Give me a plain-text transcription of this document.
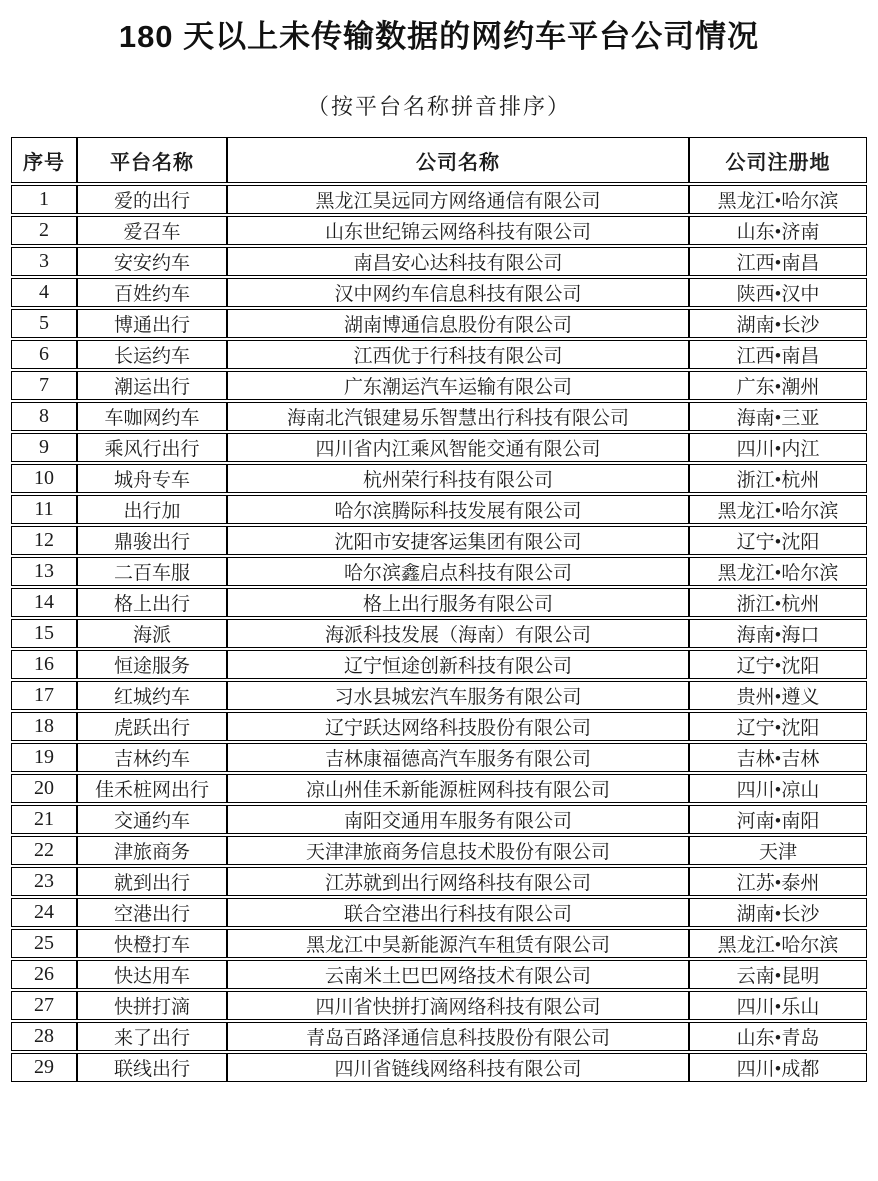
180 天以上未传输数据的网约车平台公司情况
（按平台名称拼音排序）
序号	平台名称	公司名称	公司注册地
1	爱的出行	黑龙江昊远同方网络通信有限公司	黑龙江•哈尔滨
2	爱召车	山东世纪锦云网络科技有限公司	山东•济南
3	安安约车	南昌安心达科技有限公司	江西•南昌
4	百姓约车	汉中网约车信息科技有限公司	陕西•汉中
5	博通出行	湖南博通信息股份有限公司	湖南•长沙
6	长运约车	江西优于行科技有限公司	江西•南昌
7	潮运出行	广东潮运汽车运输有限公司	广东•潮州
8	车咖网约车	海南北汽银建易乐智慧出行科技有限公司	海南•三亚
9	乘风行出行	四川省内江乘风智能交通有限公司	四川•内江
10	城舟专车	杭州荣行科技有限公司	浙江•杭州
11	出行加	哈尔滨腾际科技发展有限公司	黑龙江•哈尔滨
12	鼎骏出行	沈阳市安捷客运集团有限公司	辽宁•沈阳
13	二百车服	哈尔滨鑫启点科技有限公司	黑龙江•哈尔滨
14	格上出行	格上出行服务有限公司	浙江•杭州
15	海派	海派科技发展（海南）有限公司	海南•海口
16	恒途服务	辽宁恒途创新科技有限公司	辽宁•沈阳
17	红城约车	习水县城宏汽车服务有限公司	贵州•遵义
18	虎跃出行	辽宁跃达网络科技股份有限公司	辽宁•沈阳
19	吉林约车	吉林康福德高汽车服务有限公司	吉林•吉林
20	佳禾桩网出行	凉山州佳禾新能源桩网科技有限公司	四川•凉山
21	交通约车	南阳交通用车服务有限公司	河南•南阳
22	津旅商务	天津津旅商务信息技术股份有限公司	天津
23	就到出行	江苏就到出行网络科技有限公司	江苏•泰州
24	空港出行	联合空港出行科技有限公司	湖南•长沙
25	快橙打车	黑龙江中昊新能源汽车租赁有限公司	黑龙江•哈尔滨
26	快达用车	云南米土巴巴网络技术有限公司	云南•昆明
27	快拼打滴	四川省快拼打滴网络科技有限公司	四川•乐山
28	来了出行	青岛百路泽通信息科技股份有限公司	山东•青岛
29	联线出行	四川省链线网络科技有限公司	四川•成都
